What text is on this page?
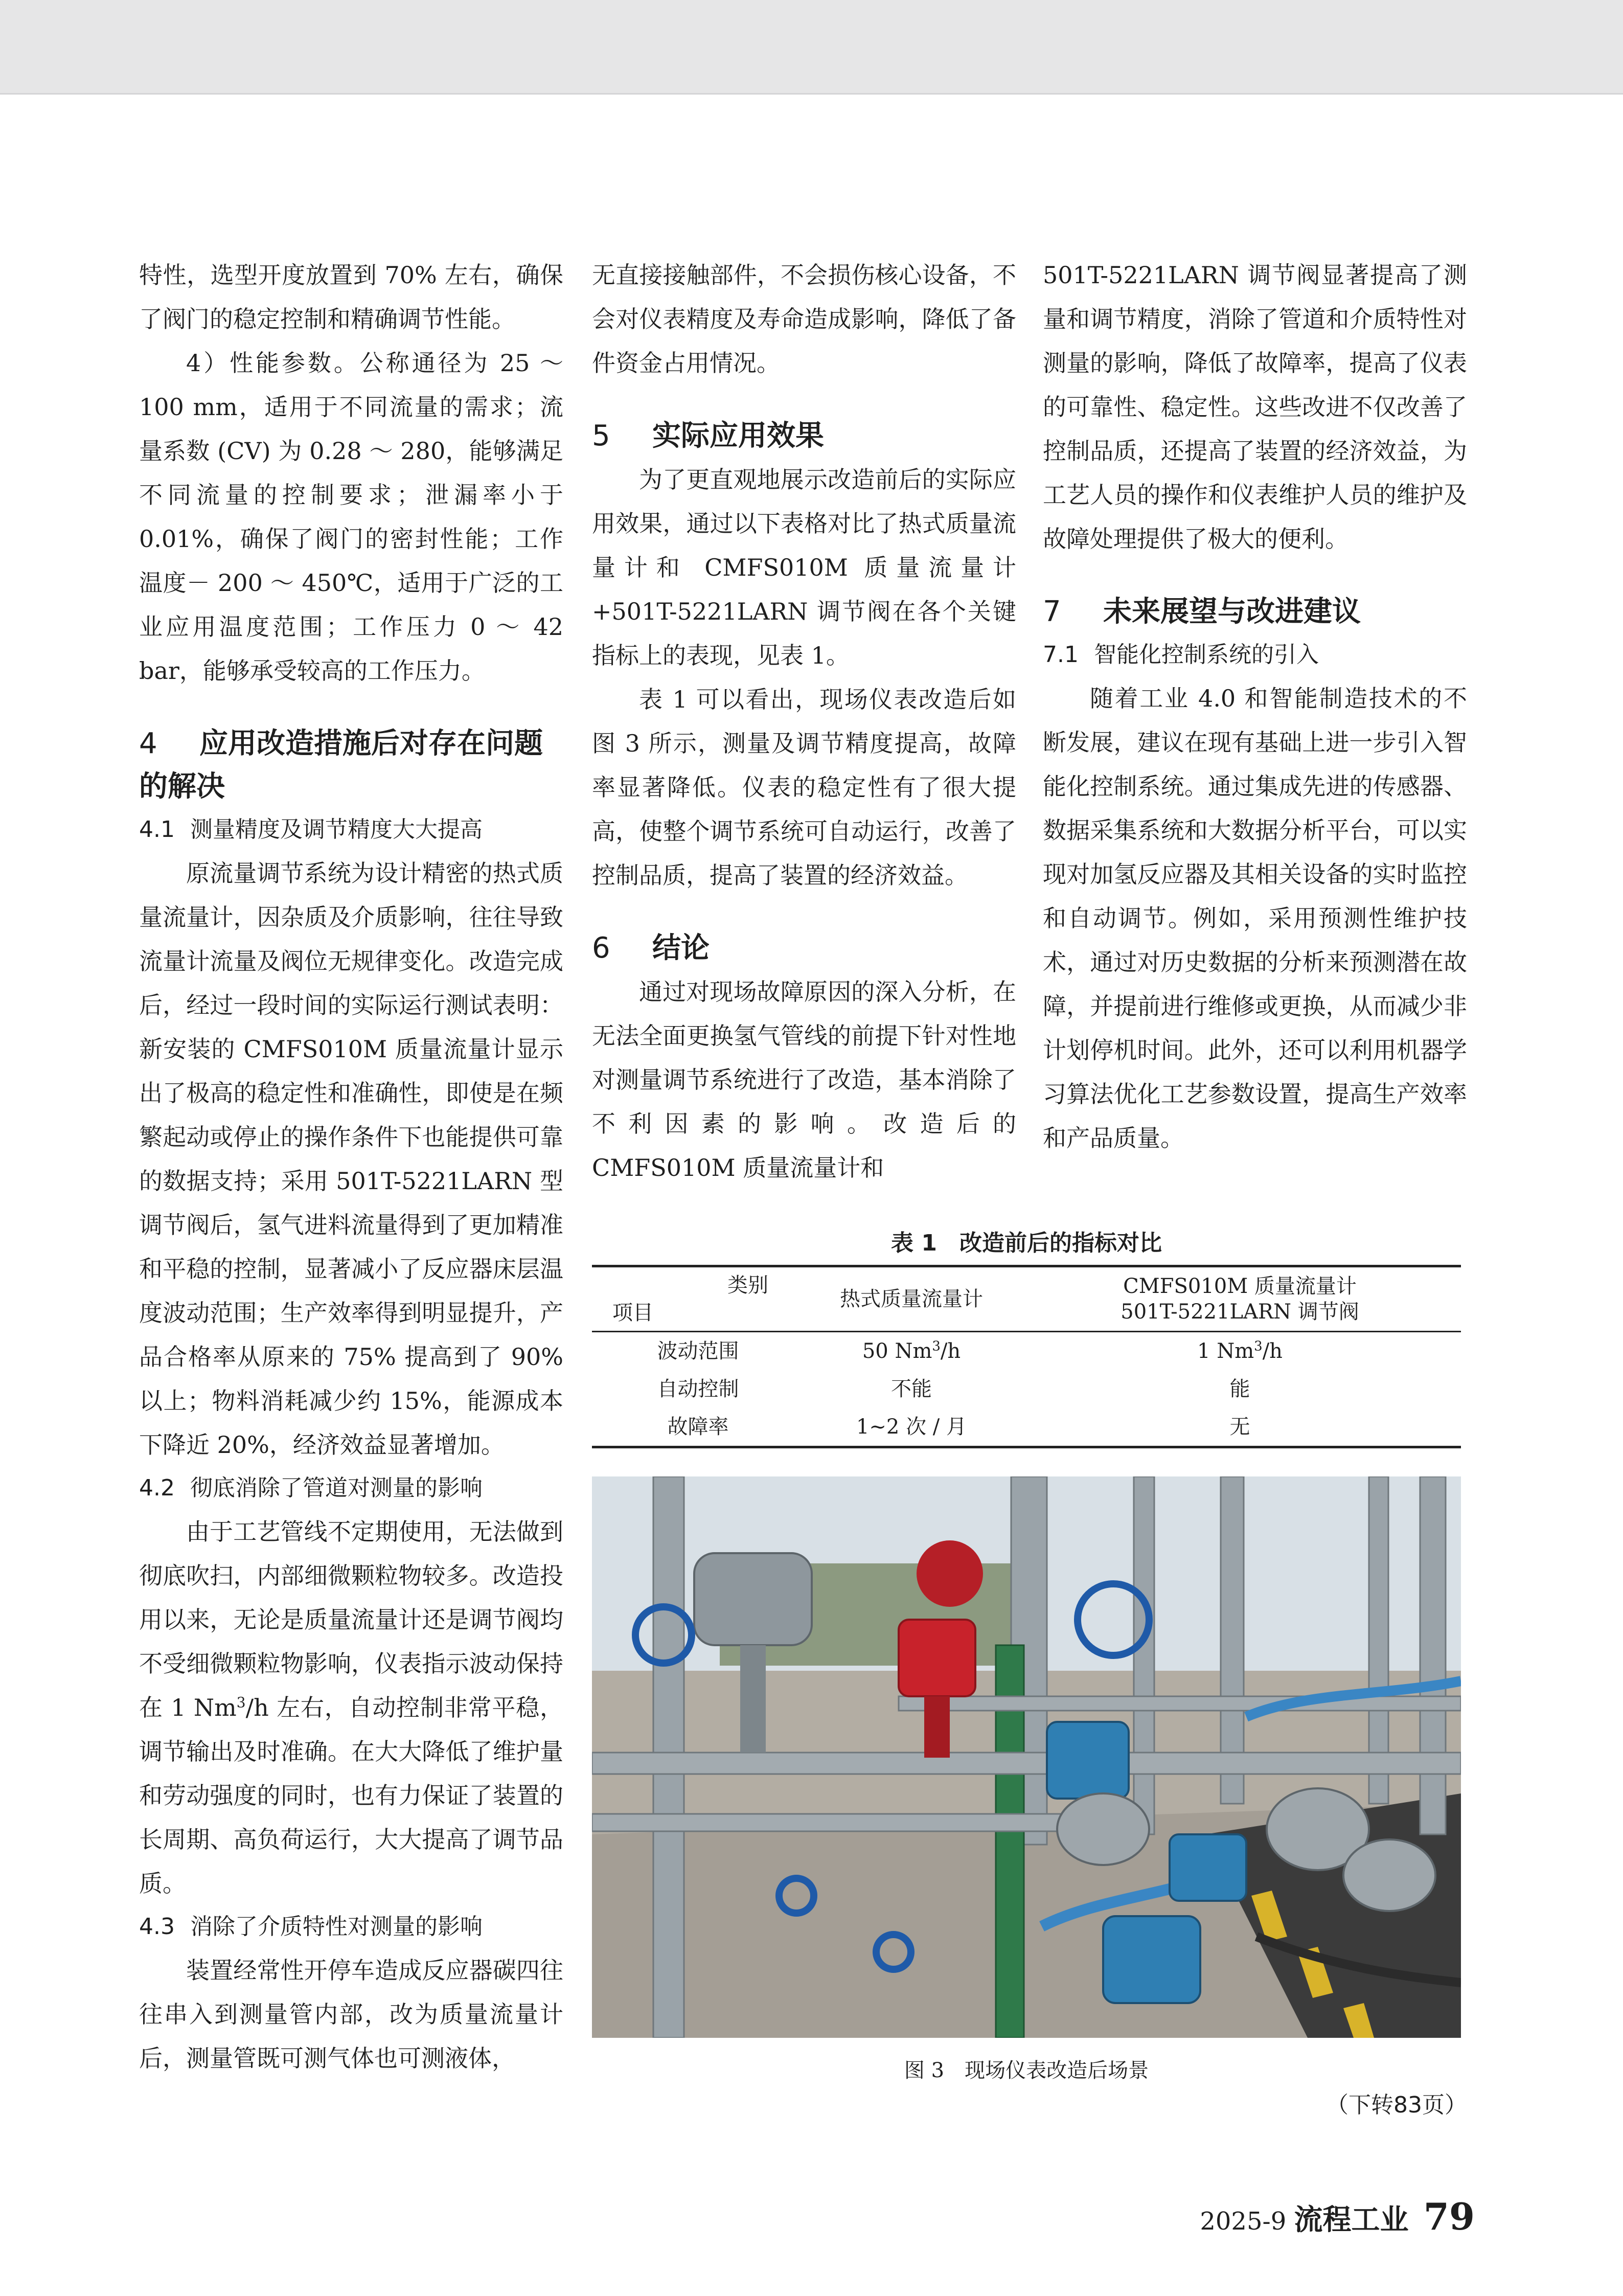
特性，选型开度放置到 70% 左右，确保了阀门的稳定控制和精确调节性能。

4）性能参数。公称通径为 25 ～ 100 mm，适用于不同流量的需求；流量系数 (CV) 为 0.28 ～ 280，能够满足不同流量的控制要求；泄漏率小于 0.01%，确保了阀门的密封性能；工作温度－ 200 ～ 450℃，适用于广泛的工业应用温度范围；工作压力 0 ～ 42 bar，能够承受较高的工作压力。

4 应用改造措施后对存在问题的解决
4.1 测量精度及调节精度大大提高

原流量调节系统为设计精密的热式质量流量计，因杂质及介质影响，往往导致流量计流量及阀位无规律变化。改造完成后，经过一段时间的实际运行测试表明：新安装的 CMFS010M 质量流量计显示出了极高的稳定性和准确性，即使是在频繁起动或停止的操作条件下也能提供可靠的数据支持；采用 501T-5221LARN 型调节阀后，氢气进料流量得到了更加精准和平稳的控制，显著减小了反应器床层温度波动范围；生产效率得到明显提升，产品合格率从原来的 75% 提高到了 90% 以上；物料消耗减少约 15%，能源成本下降近 20%，经济效益显著增加。

4.2 彻底消除了管道对测量的影响

由于工艺管线不定期使用，无法做到彻底吹扫，内部细微颗粒物较多。改造投用以来，无论是质量流量计还是调节阀均不受细微颗粒物影响，仪表指示波动保持在 1 Nm$^3$/h 左右，自动控制非常平稳，调节输出及时准确。在大大降低了维护量和劳动强度的同时，也有力保证了装置的长周期、高负荷运行，大大提高了调节品质。

4.3 消除了介质特性对测量的影响

装置经常性开停车造成反应器碳四往往串入到测量管内部，改为质量流量计后，测量管既可测气体也可测液体，

无直接接触部件，不会损伤核心设备，不会对仪表精度及寿命造成影响，降低了备件资金占用情况。

5 实际应用效果

为了更直观地展示改造前后的实际应用效果，通过以下表格对比了热式质量流量计和 CMFS010M 质量流量计 +501T-5221LARN 调节阀在各个关键指标上的表现，见表 1。

表 1 可以看出，现场仪表改造后如图 3 所示，测量及调节精度提高，故障率显著降低。仪表的稳定性有了很大提高，使整个调节系统可自动运行，改善了控制品质，提高了装置的经济效益。

6 结论

通过对现场故障原因的深入分析，在无法全面更换氢气管线的前提下针对性地对测量调节系统进行了改造，基本消除了不利因素的影响。改造后的 CMFS010M 质量流量计和

501T-5221LARN 调节阀显著提高了测量和调节精度，消除了管道和介质特性对测量的影响，降低了故障率，提高了仪表的可靠性、稳定性。这些改进不仅改善了控制品质，还提高了装置的经济效益，为工艺人员的操作和仪表维护人员的维护及故障处理提供了极大的便利。

7 未来展望与改进建议
7.1 智能化控制系统的引入

随着工业 4.0 和智能制造技术的不断发展，建议在现有基础上进一步引入智能化控制系统。通过集成先进的传感器、数据采集系统和大数据分析平台，可以实现对加氢反应器及其相关设备的实时监控和自动调节。例如，采用预测性维护技术，通过对历史数据的分析来预测潜在故障，并提前进行维修或更换，从而减少非计划停机时间。此外，还可以利用机器学习算法优化工艺参数设置，提高生产效率和产品质量。

表 1　改造前后的指标对比
类别
项目	热式质量流量计	CMFS010M 质量流量计
501T-5221LARN 调节阀
波动范围	50 Nm$^3$/h	1 Nm$^3$/h
自动控制	不能	能
故障率	1~2 次 / 月	无
图 3　现场仪表改造后场景
（下转83页）
2025-9 流程工业 79
